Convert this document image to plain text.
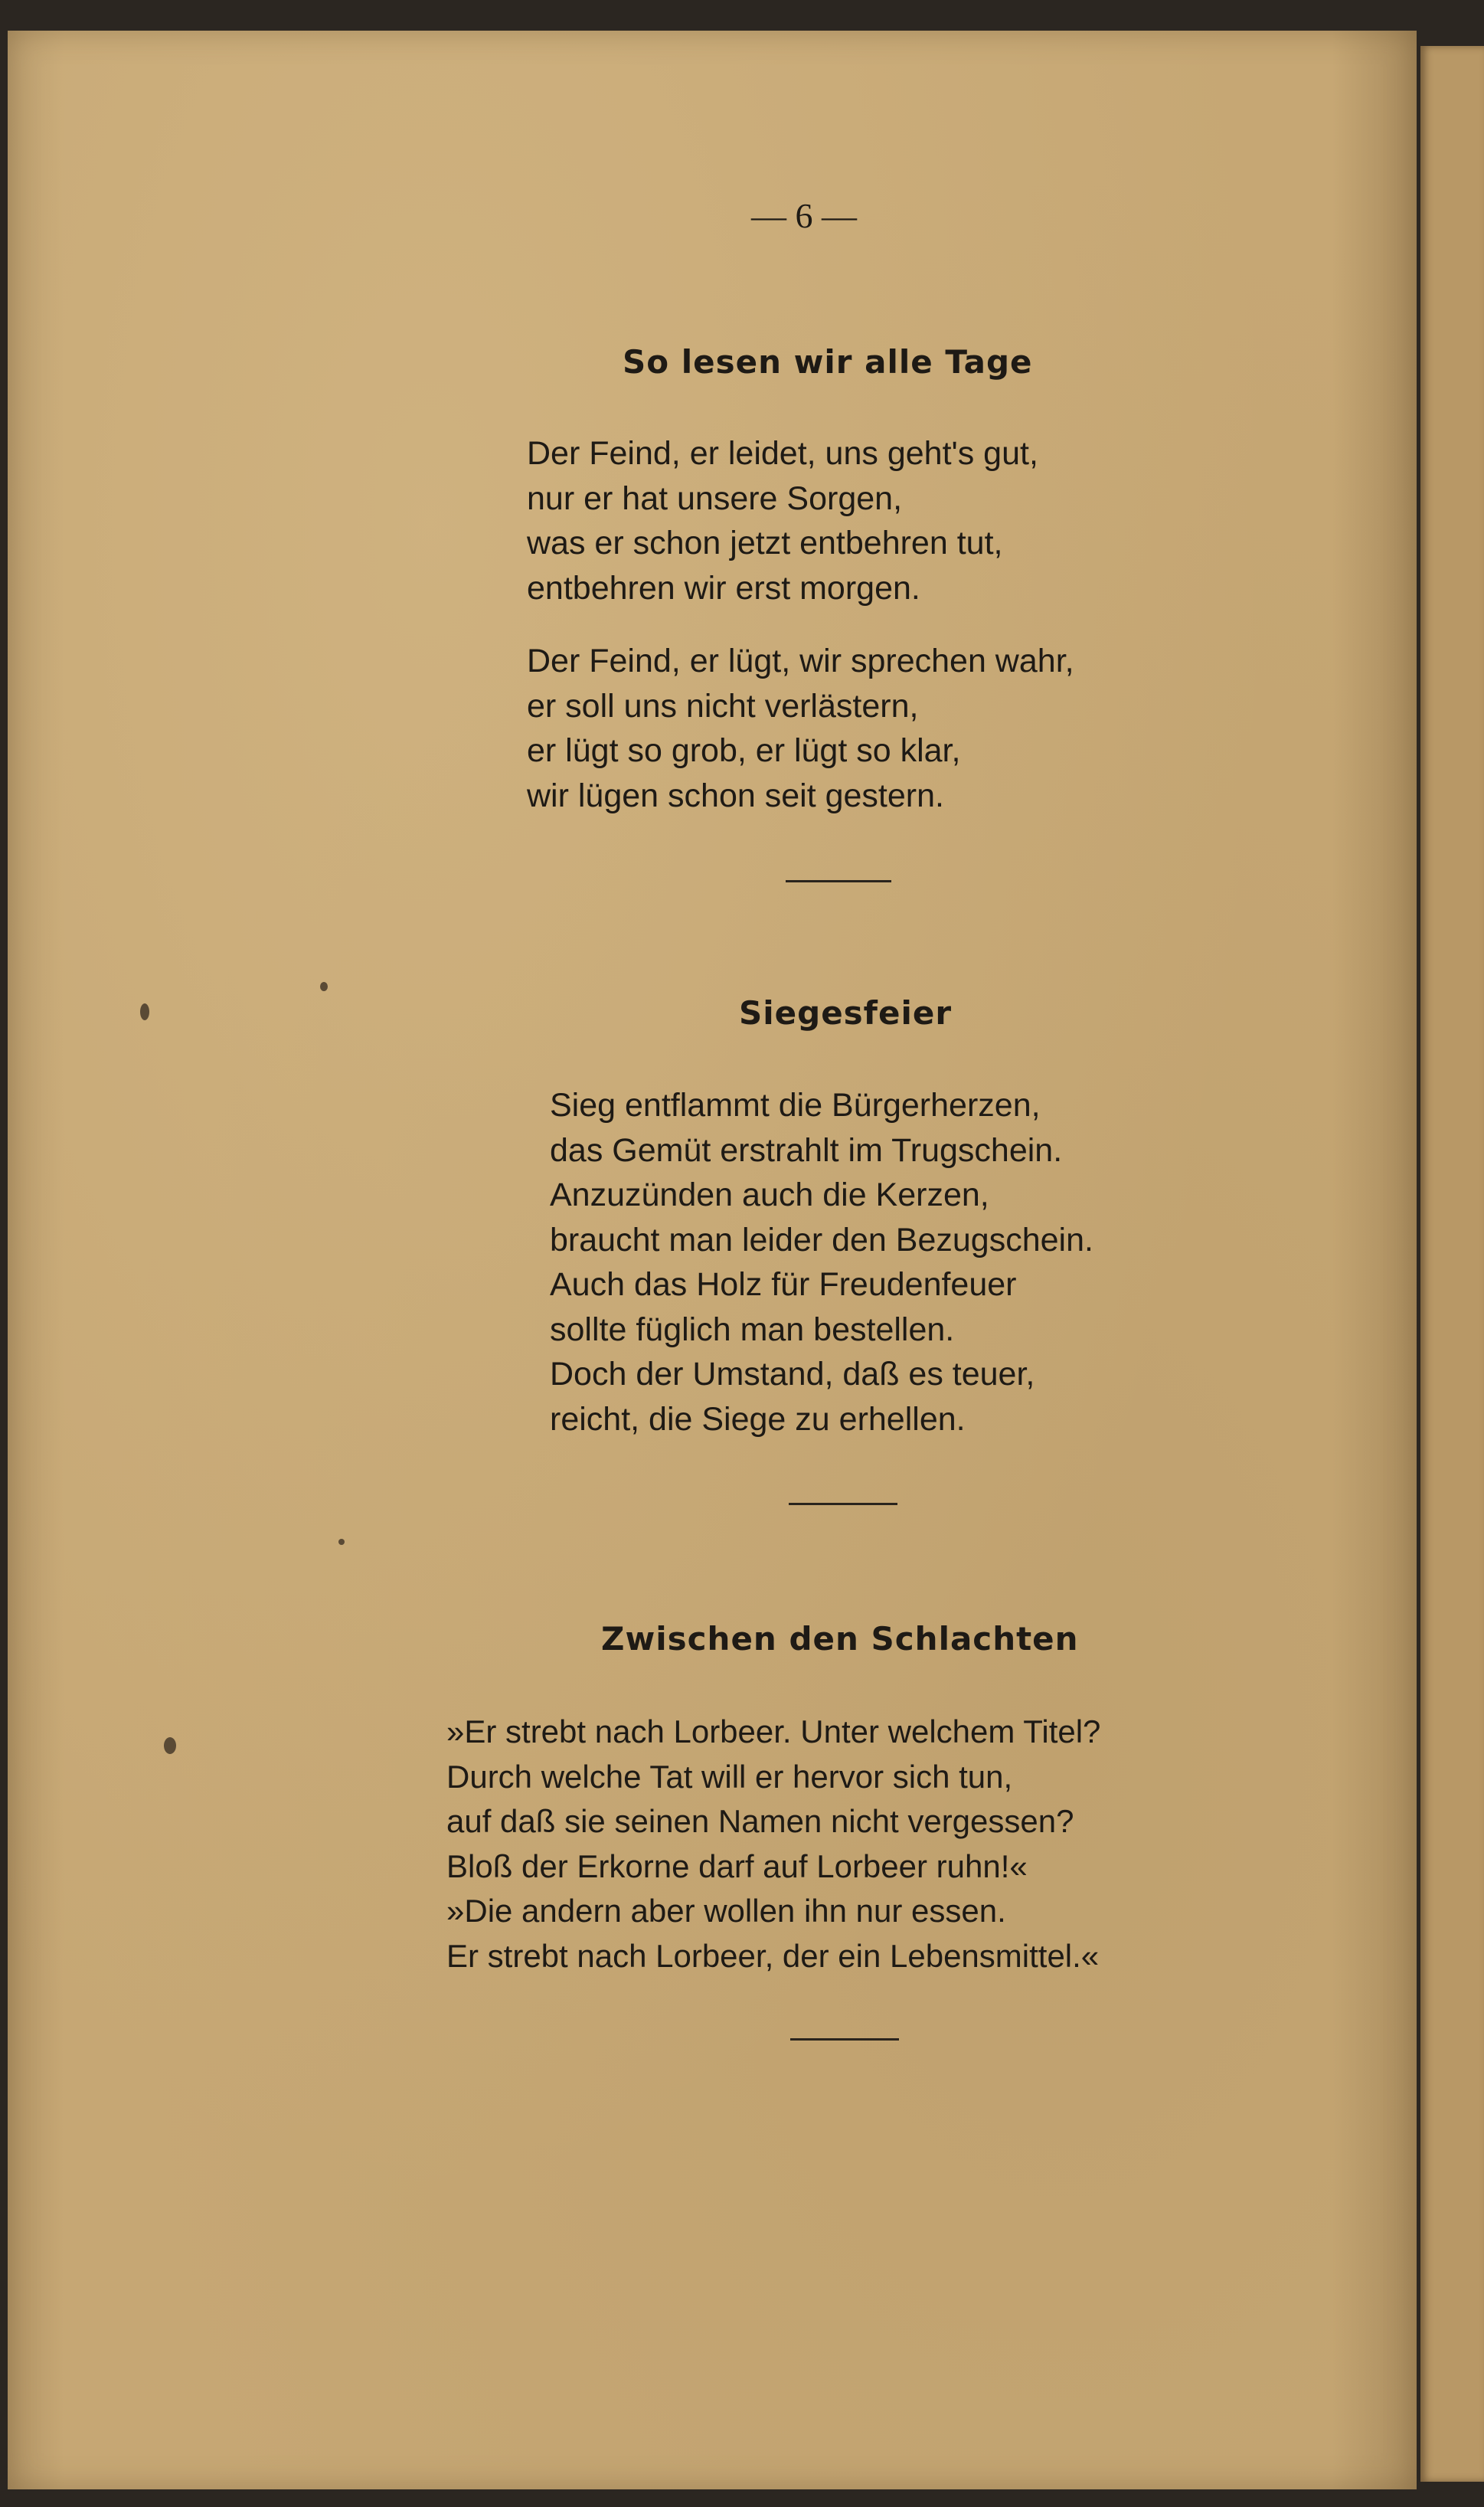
— 6 —
So lesen wir alle Tage
Der Feind, er leidet, uns geht's gut,
nur er hat unsere Sorgen,
was er schon jetzt entbehren tut,
entbehren wir erst morgen.
Der Feind, er lügt, wir sprechen wahr,
er soll uns nicht verlästern,
er lügt so grob, er lügt so klar,
wir lügen schon seit gestern.
Siegesfeier
Sieg entflammt die Bürgerherzen,
das Gemüt erstrahlt im Trugschein.
Anzuzünden auch die Kerzen,
braucht man leider den Bezugschein.
Auch das Holz für Freudenfeuer
sollte füglich man bestellen.
Doch der Umstand, daß es teuer,
reicht, die Siege zu erhellen.
Zwischen den Schlachten
»Er strebt nach Lorbeer. Unter welchem Titel?
Durch welche Tat will er hervor sich tun,
auf daß sie seinen Namen nicht vergessen?
Bloß der Erkorne darf auf Lorbeer ruhn!«
»Die andern aber wollen ihn nur essen.
Er strebt nach Lorbeer, der ein Lebensmittel.«
